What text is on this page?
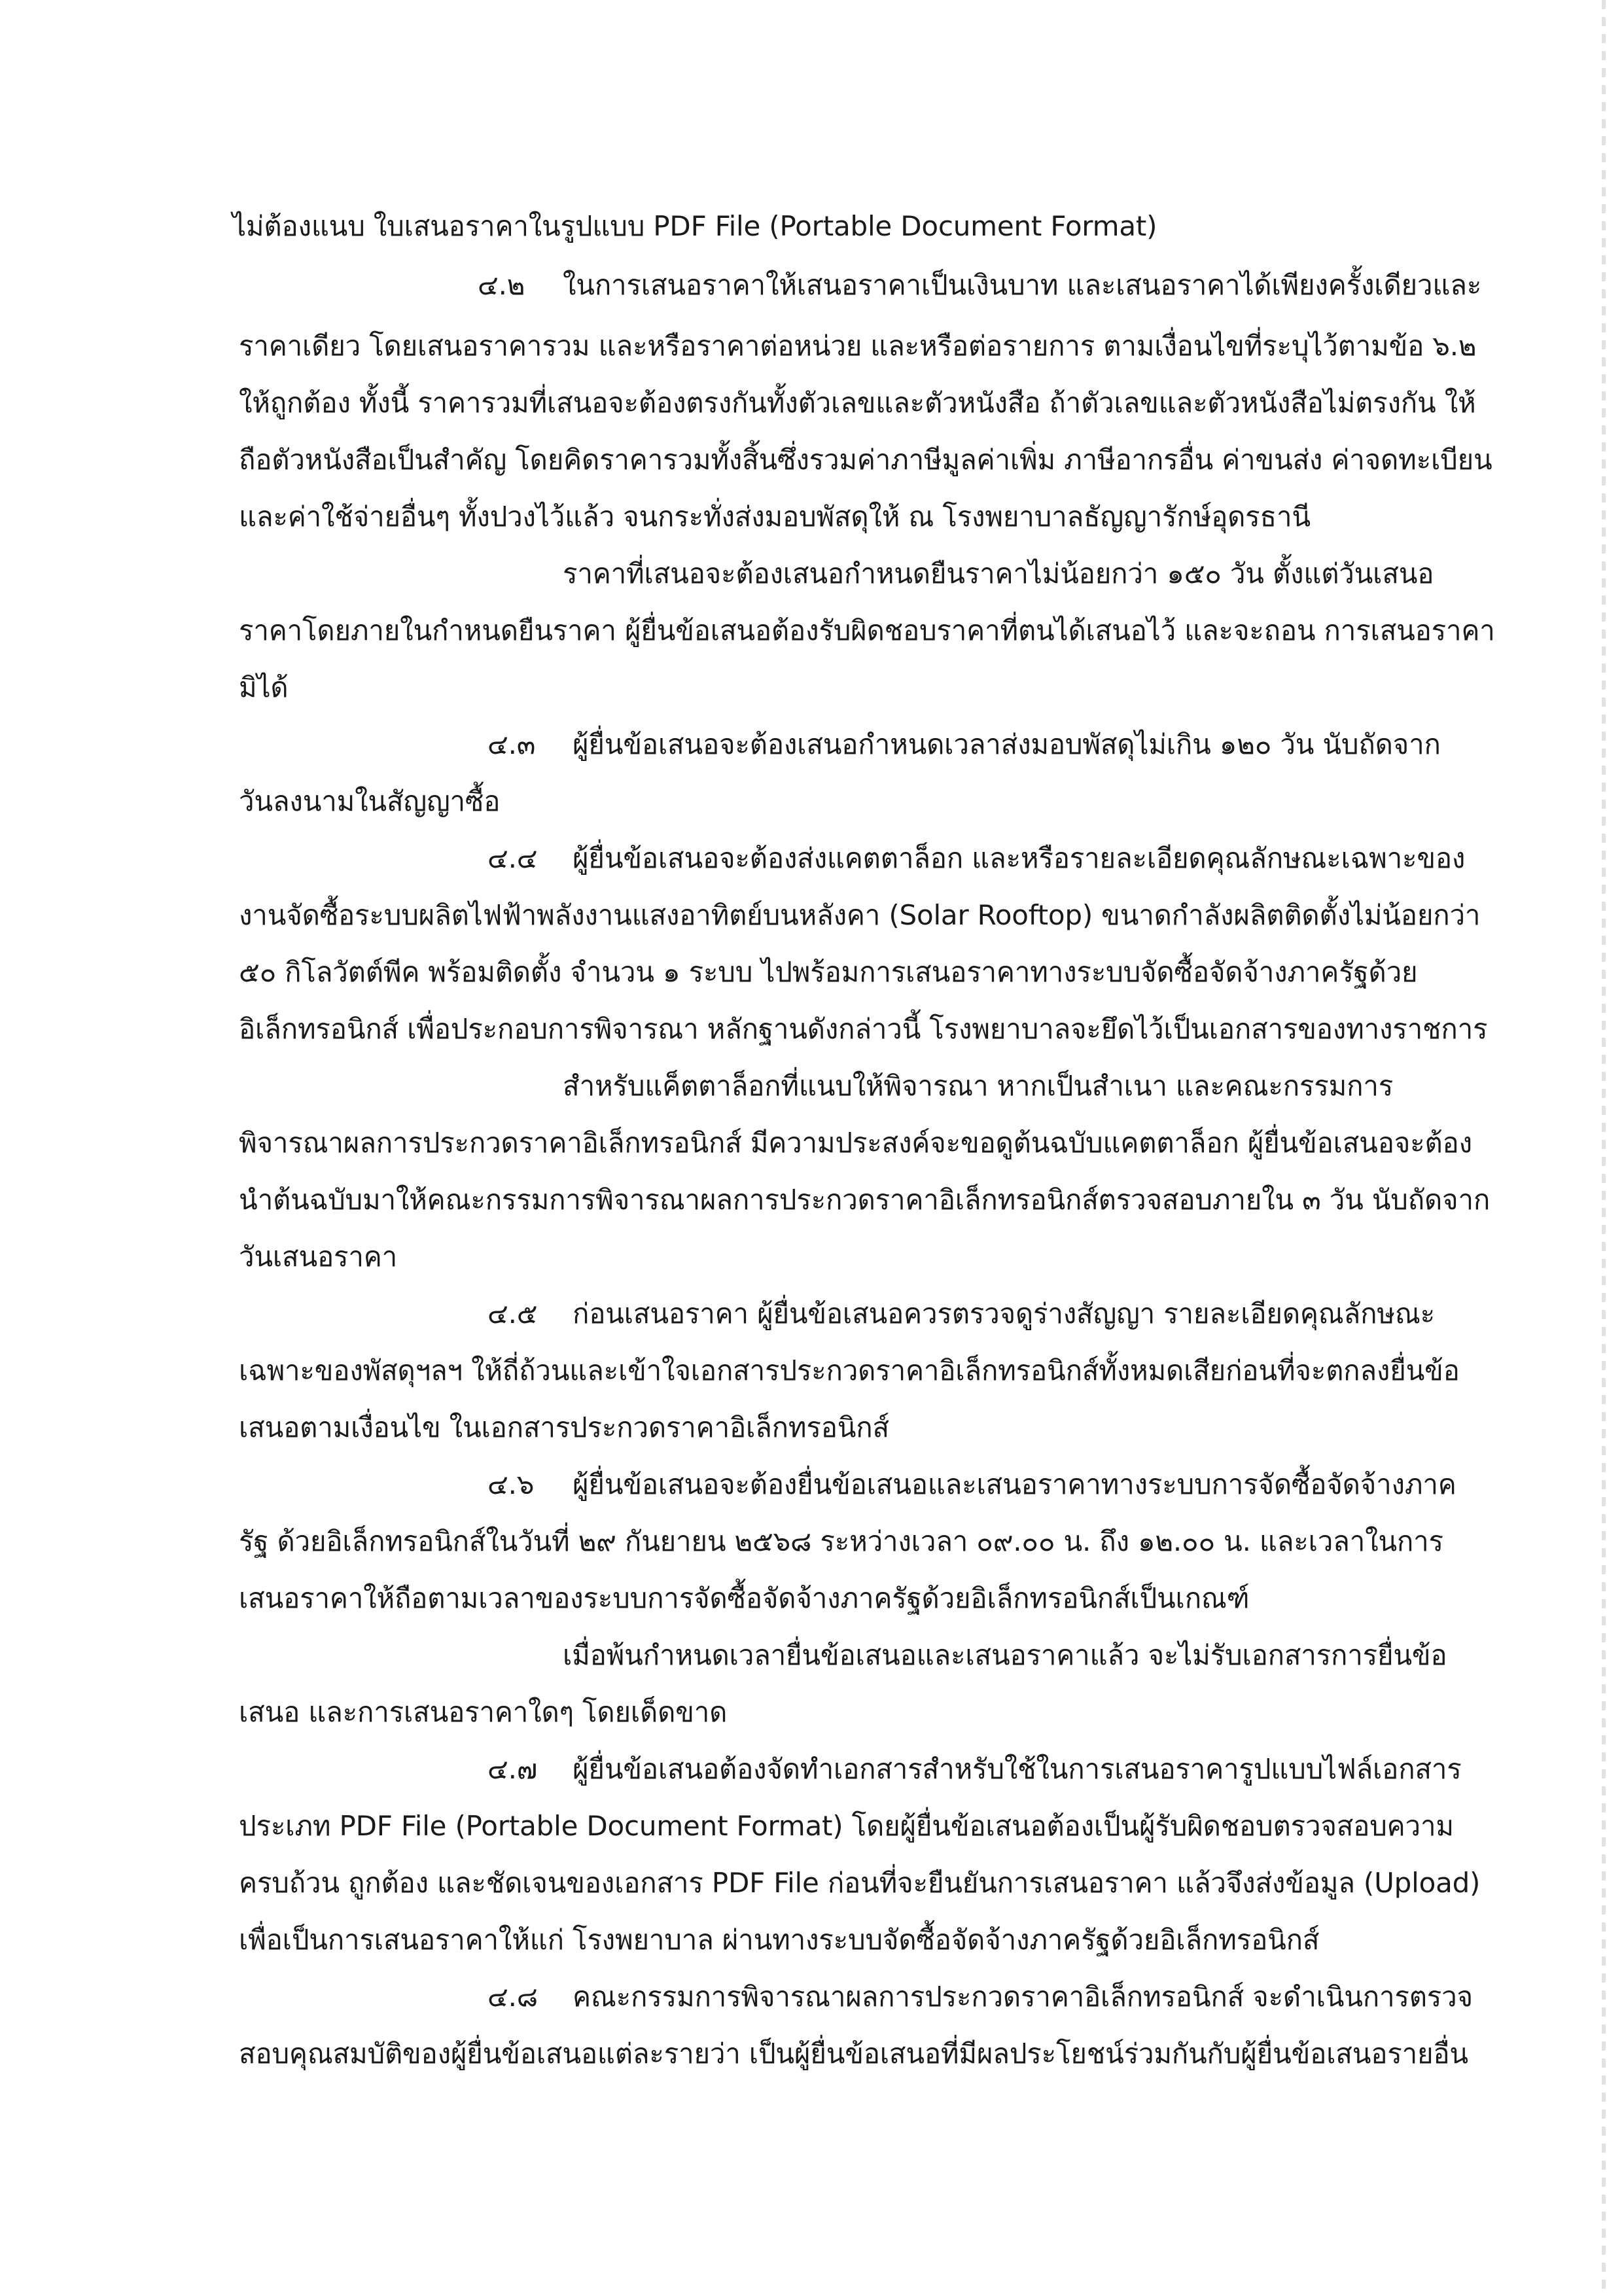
ไม่ต้องแนบ ใบเสนอราคาในรูปแบบ PDF File (Portable Document Format)
๔.๒ ในการเสนอราคาให้เสนอราคาเป็นเงินบาท และเสนอราคาได้เพียงครั้งเดียวและ
ราคาเดียว โดยเสนอราคารวม และหรือราคาต่อหน่วย และหรือต่อรายการ ตามเงื่อนไขที่ระบุไว้ตามข้อ ๖.๒
ให้ถูกต้อง ทั้งนี้ ราคารวมที่เสนอจะต้องตรงกันทั้งตัวเลขและตัวหนังสือ ถ้าตัวเลขและตัวหนังสือไม่ตรงกัน ให้
ถือตัวหนังสือเป็นสำคัญ โดยคิดราคารวมทั้งสิ้นซึ่งรวมค่าภาษีมูลค่าเพิ่ม ภาษีอากรอื่น ค่าขนส่ง ค่าจดทะเบียน
และค่าใช้จ่ายอื่นๆ ทั้งปวงไว้แล้ว จนกระทั่งส่งมอบพัสดุให้ ณ โรงพยาบาลธัญญารักษ์อุดรธานี
ราคาที่เสนอจะต้องเสนอกำหนดยืนราคาไม่น้อยกว่า ๑๕๐ วัน ตั้งแต่วันเสนอ
ราคาโดยภายในกำหนดยืนราคา ผู้ยื่นข้อเสนอต้องรับผิดชอบราคาที่ตนได้เสนอไว้ และจะถอน การเสนอราคา
มิได้
๔.๓ ผู้ยื่นข้อเสนอจะต้องเสนอกำหนดเวลาส่งมอบพัสดุไม่เกิน ๑๒๐ วัน นับถัดจาก
วันลงนามในสัญญาซื้อ
๔.๔ ผู้ยื่นข้อเสนอจะต้องส่งแคตตาล็อก และหรือรายละเอียดคุณลักษณะเฉพาะของ
งานจัดซื้อระบบผลิตไฟฟ้าพลังงานแสงอาทิตย์บนหลังคา (Solar Rooftop) ขนาดกำลังผลิตติดตั้งไม่น้อยกว่า
๕๐ กิโลวัตต์พีค พร้อมติดตั้ง จำนวน ๑ ระบบ ไปพร้อมการเสนอราคาทางระบบจัดซื้อจัดจ้างภาครัฐด้วย
อิเล็กทรอนิกส์ เพื่อประกอบการพิจารณา หลักฐานดังกล่าวนี้ โรงพยาบาลจะยึดไว้เป็นเอกสารของทางราชการ
สำหรับแค็ตตาล็อกที่แนบให้พิจารณา หากเป็นสำเนา และคณะกรรมการ
พิจารณาผลการประกวดราคาอิเล็กทรอนิกส์ มีความประสงค์จะขอดูต้นฉบับแคตตาล็อก ผู้ยื่นข้อเสนอจะต้อง
นำต้นฉบับมาให้คณะกรรมการพิจารณาผลการประกวดราคาอิเล็กทรอนิกส์ตรวจสอบภายใน ๓ วัน นับถัดจาก
วันเสนอราคา
๔.๕ ก่อนเสนอราคา ผู้ยื่นข้อเสนอควรตรวจดูร่างสัญญา รายละเอียดคุณลักษณะ
เฉพาะของพัสดุฯลฯ ให้ถี่ถ้วนและเข้าใจเอกสารประกวดราคาอิเล็กทรอนิกส์ทั้งหมดเสียก่อนที่จะตกลงยื่นข้อ
เสนอตามเงื่อนไข ในเอกสารประกวดราคาอิเล็กทรอนิกส์
๔.๖ ผู้ยื่นข้อเสนอจะต้องยื่นข้อเสนอและเสนอราคาทางระบบการจัดซื้อจัดจ้างภาค
รัฐ ด้วยอิเล็กทรอนิกส์ในวันที่ ๒๙ กันยายน ๒๕๖๘ ระหว่างเวลา ๐๙.๐๐ น. ถึง ๑๒.๐๐ น. และเวลาในการ
เสนอราคาให้ถือตามเวลาของระบบการจัดซื้อจัดจ้างภาครัฐด้วยอิเล็กทรอนิกส์เป็นเกณฑ์
เมื่อพ้นกำหนดเวลายื่นข้อเสนอและเสนอราคาแล้ว จะไม่รับเอกสารการยื่นข้อ
เสนอ และการเสนอราคาใดๆ โดยเด็ดขาด
๔.๗ ผู้ยื่นข้อเสนอต้องจัดทำเอกสารสำหรับใช้ในการเสนอราคารูปแบบไฟล์เอกสาร
ประเภท PDF File (Portable Document Format) โดยผู้ยื่นข้อเสนอต้องเป็นผู้รับผิดชอบตรวจสอบความ
ครบถ้วน ถูกต้อง และชัดเจนของเอกสาร PDF File ก่อนที่จะยืนยันการเสนอราคา แล้วจึงส่งข้อมูล (Upload)
เพื่อเป็นการเสนอราคาให้แก่ โรงพยาบาล ผ่านทางระบบจัดซื้อจัดจ้างภาครัฐด้วยอิเล็กทรอนิกส์
๔.๘ คณะกรรมการพิจารณาผลการประกวดราคาอิเล็กทรอนิกส์ จะดำเนินการตรวจ
สอบคุณสมบัติของผู้ยื่นข้อเสนอแต่ละรายว่า เป็นผู้ยื่นข้อเสนอที่มีผลประโยชน์ร่วมกันกับผู้ยื่นข้อเสนอรายอื่น
